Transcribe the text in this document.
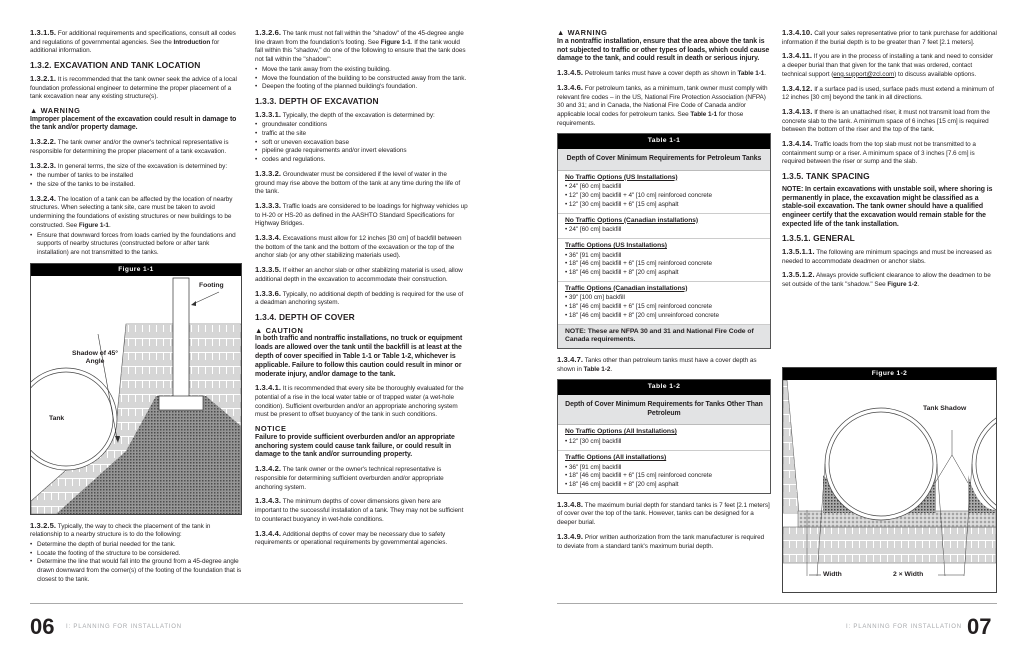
1.3.1.5. For additional requirements and specifications, consult all codes and regulations of governmental agencies. See the Introduction for additional information.
1.3.2. EXCAVATION AND TANK LOCATION
1.3.2.1. It is recommended that the tank owner seek the advice of a local foundation professional engineer to determine the proper placement of a tank excavation near any existing structure(s).
▲ WARNING
Improper placement of the excavation could result in damage to the tank and/or property damage.
1.3.2.2. The tank owner and/or the owner's technical representative is responsible for determining the proper placement of a tank excavation.
1.3.2.3. In general terms, the size of the excavation is determined by:
• the number of tanks to be installed
• the size of the tanks to be installed.
1.3.2.4. The location of a tank can be affected by the location of nearby structures. When selecting a tank site, care must be taken to avoid undermining the foundations of existing structures or new buildings to be constructed. See Figure 1-1.
• Ensure that downward forces from loads carried by the foundations and supports of nearby structures (constructed before or after tank installation) are not transmitted to the tanks.
Figure 1-1
Footing
Shadow of 45° Angle
Tank
1.3.2.5. Typically, the way to check the placement of the tank in relationship to a nearby structure is to do the following:
• Determine the depth of burial needed for the tank.
• Locate the footing of the structure to be considered.
• Determine the line that would fall into the ground from a 45-degree angle drawn downward from the corner(s) of the footing of the foundation that is closest to the tank.
1.3.2.6. The tank must not fall within the "shadow" of the 45-degree angle line drawn from the foundation's footing. See Figure 1-1. If the tank would fall within this "shadow," do one of the following to ensure that the tank does not fall within the "shadow":
• Move the tank away from the existing building.
• Move the foundation of the building to be constructed away from the tank.
• Deepen the footing of the planned building's foundation.
1.3.3. DEPTH OF EXCAVATION
1.3.3.1. Typically, the depth of the excavation is determined by:
• groundwater conditions
• traffic at the site
• soft or uneven excavation base
• pipeline grade requirements and/or invert elevations
• codes and regulations.
1.3.3.2. Groundwater must be considered if the level of water in the ground may rise above the bottom of the tank at any time during the life of the tank.
1.3.3.3. Traffic loads are considered to be loadings for highway vehicles up to H-20 or HS-20 as defined in the AASHTO Standard Specifications for Highway Bridges.
1.3.3.4. Excavations must allow for 12 inches [30 cm] of backfill between the bottom of the tank and the bottom of the excavation or the top of the anchor slab (or any other stabilizing materials used).
1.3.3.5. If either an anchor slab or other stabilizing material is used, allow additional depth in the excavation to accommodate their construction.
1.3.3.6. Typically, no additional depth of bedding is required for the use of a deadman anchoring system.
1.3.4. DEPTH OF COVER
▲ CAUTION
In both traffic and nontraffic installations, no truck or equipment loads are allowed over the tank until the backfill is at least at the depth of cover specified in Table 1-1 or Table 1-2, whichever is applicable. Failure to follow this caution could result in minor or moderate injury, and/or damage to the tank.
1.3.4.1. It is recommended that every site be thoroughly evaluated for the potential of a rise in the local water table or of trapped water (a wet-hole condition). Sufficient overburden and/or an appropriate anchoring system must be present to offset buoyancy of the tank in such conditions.
NOTICE
Failure to provide sufficient overburden and/or an appropriate anchoring system could cause tank failure, or could result in damage to the tank and/or surrounding property.
1.3.4.2. The tank owner or the owner's technical representative is responsible for determining sufficient overburden and/or appropriate anchoring system.
1.3.4.3. The minimum depths of cover dimensions given here are important to the successful installation of a tank. They may not be sufficient to counteract buoyancy in wet-hole conditions.
1.3.4.4. Additional depths of cover may be necessary due to safety requirements or operational requirements by governmental agencies.
▲ WARNING
In a nontraffic installation, ensure that the area above the tank is not subjected to traffic or other types of loads, which could cause damage to the tank, and could result in death or serious injury.
1.3.4.5. Petroleum tanks must have a cover depth as shown in Table 1-1.
1.3.4.6. For petroleum tanks, as a minimum, tank owner must comply with relevant fire codes – in the US, National Fire Protection Association (NFPA) 30 and 31; and in Canada, the National Fire Code of Canada and/or applicable local codes for petroleum tanks. See Table 1-1 for those requirements.
Table 1-1
Depth of Cover Minimum Requirements for Petroleum Tanks
No Traffic Options (US Installations)
• 24" [60 cm] backfill
• 12" [30 cm] backfill + 4" [10 cm] reinforced concrete
• 12" [30 cm] backfill + 6" [15 cm] asphalt
No Traffic Options (Canadian installations)
• 24" [60 cm] backfill
Traffic Options (US Installations)
• 36" [91 cm] backfill
• 18" [46 cm] backfill + 6" [15 cm] reinforced concrete
• 18" [46 cm] backfill + 8" [20 cm] asphalt
Traffic Options (Canadian installations)
• 39" [100 cm] backfill
• 18" [46 cm] backfill + 6" [15 cm] reinforced concrete
• 18" [46 cm] backfill + 8" [20 cm] unreinforced concrete
NOTE: These are NFPA 30 and 31 and National Fire Code of Canada requirements.
1.3.4.7. Tanks other than petroleum tanks must have a cover depth as shown in Table 1-2.
Table 1-2
Depth of Cover Minimum Requirements for Tanks Other Than Petroleum
No Traffic Options (All Installations)
• 12" [30 cm] backfill
Traffic Options (All installations)
• 36" [91 cm] backfill
• 18" [46 cm] backfill + 6" [15 cm] reinforced concrete
• 18" [46 cm] backfill + 8" [20 cm] asphalt
1.3.4.8. The maximum burial depth for standard tanks is 7 feet [2.1 meters] of cover over the top of the tank. However, tanks can be designed for a deeper burial.
1.3.4.9. Prior written authorization from the tank manufacturer is required to deviate from a standard tank's maximum burial depth.
1.3.4.10. Call your sales representative prior to tank purchase for additional information if the burial depth is to be greater than 7 feet [2.1 meters].
1.3.4.11. If you are in the process of installing a tank and need to consider a deeper burial than that given for the tank that was ordered, contact technical support (eng.support@zcl.com) to discuss available options.
1.3.4.12. If a surface pad is used, surface pads must extend a minimum of 12 inches [30 cm] beyond the tank in all directions.
1.3.4.13. If there is an unattached riser, it must not transmit load from the concrete slab to the tank. A minimum space of 6 inches [15 cm] is required between the bottom of the riser and the top of the tank.
1.3.4.14. Traffic loads from the top slab must not be transmitted to a containment sump or a riser. A minimum space of 3 inches [7.6 cm] is required between the riser or sump and the slab.
1.3.5. TANK SPACING
NOTE: In certain excavations with unstable soil, where shoring is permanently in place, the excavation might be classified as a stable-soil excavation. The tank owner should have a qualified engineer certify that the excavation would remain stable for the expected life of the tank installation.
1.3.5.1. GENERAL
1.3.5.1.1. The following are minimum spacings and must be increased as needed to accommodate deadmen or anchor slabs.
1.3.5.1.2. Always provide sufficient clearance to allow the deadmen to be set outside of the tank "shadow." See Figure 1-2.
Figure 1-2
Tank Shadow
Width	2 × Width
06 I: PLANNING FOR INSTALLATION	I: PLANNING FOR INSTALLATION 07
